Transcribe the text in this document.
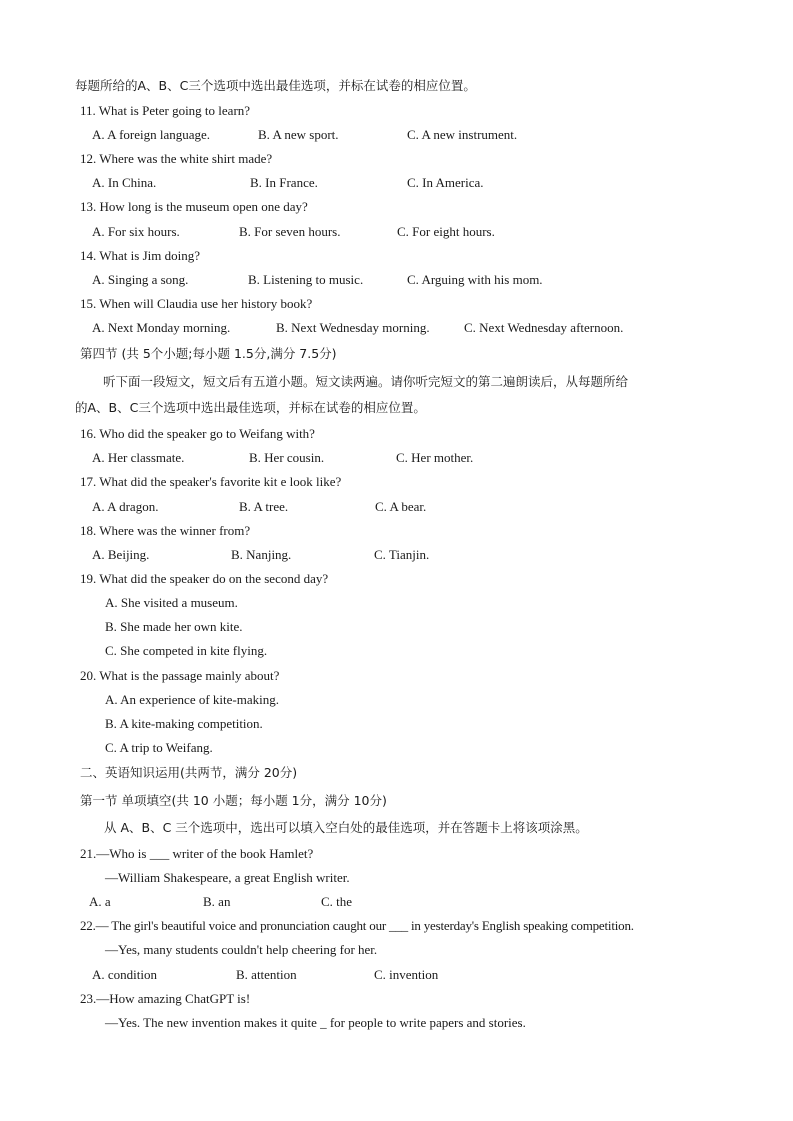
每题所给的A、B、C三个选项中选出最佳选项，并标在试卷的相应位置。
11. What is Peter going to learn?
A. A foreign language.	B. A new sport.	C. A new instrument.
12. Where was the white shirt made?
A. In China.	B. In France.	C. In America.
13. How long is the museum open one day?
A. For six hours.	B. For seven hours.	C. For eight hours.
14. What is Jim doing?
A. Singing a song.	B. Listening to music.	C. Arguing with his mom.
15. When will Claudia use her history book?
A. Next Monday morning.	B. Next Wednesday morning.	C. Next Wednesday afternoon.
第四节 (共 5个小题;每小题 1.5分,满分 7.5分)
听下面一段短文，短文后有五道小题。短文读两遍。请你听完短文的第二遍朗读后，从每题所给
的A、B、C三个选项中选出最佳选项，并标在试卷的相应位置。
16. Who did the speaker go to Weifang with?
A. Her classmate.	B. Her cousin.	C. Her mother.
17. What did the speaker's favorite kit e look like?
A. A dragon.	B. A tree.	C. A bear.
18. Where was the winner from?
A. Beijing.	B. Nanjing.	C. Tianjin.
19. What did the speaker do on the second day?
A. She visited a museum.
B. She made her own kite.
C. She competed in kite flying.
20. What is the passage mainly about?
A. An experience of kite-making.
B. A kite-making competition.
C. A trip to Weifang.
二、英语知识运用(共两节，满分 20分)
第一节 单项填空(共 10 小题；每小题 1分，满分 10分)
从 A、B、C 三个选项中，选出可以填入空白处的最佳选项，并在答题卡上将该项涂黑。
21.—Who is ___ writer of the book Hamlet?
—William Shakespeare, a great English writer.
A. a	B. an	C. the
22.— The girl's beautiful voice and pronunciation caught our ___ in yesterday's English speaking competition.
—Yes, many students couldn't help cheering for her.
A. condition	B. attention	C. invention
23.—How amazing ChatGPT is!
—Yes. The new invention makes it quite _ for people to write papers and stories.
